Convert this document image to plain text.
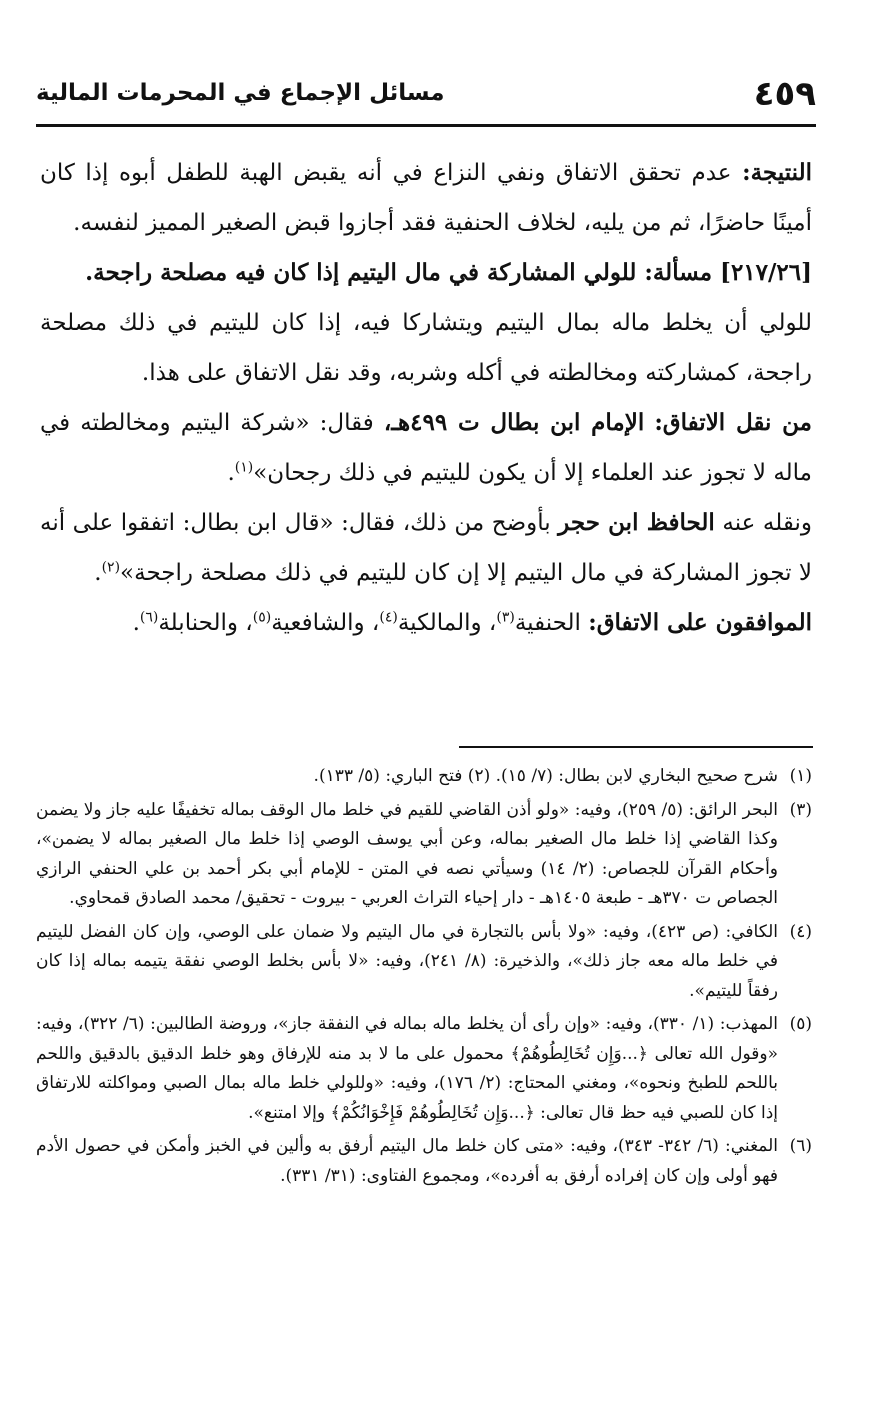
٤٥٩
مسائل الإجماع في المحرمات المالية

النتيجة: عدم تحقق الاتفاق ونفي النزاع في أنه يقبض الهبة للطفل أبوه إذا كان أمينًا حاضرًا، ثم من يليه، لخلاف الحنفية فقد أجازوا قبض الصغير المميز لنفسه.

[٢١٧/٢٦] مسألة: للولي المشاركة في مال اليتيم إذا كان فيه مصلحة راجحة.

للولي أن يخلط ماله بمال اليتيم ويتشاركا فيه، إذا كان لليتيم في ذلك مصلحة راجحة، كمشاركته ومخالطته في أكله وشربه، وقد نقل الاتفاق على هذا.

من نقل الاتفاق: الإمام ابن بطال ت ٤٩٩هـ، فقال: «شركة اليتيم ومخالطته في ماله لا تجوز عند العلماء إلا أن يكون لليتيم في ذلك رجحان»$^{(١)}$.

ونقله عنه الحافظ ابن حجر بأوضح من ذلك، فقال: «قال ابن بطال: اتفقوا على أنه لا تجوز المشاركة في مال اليتيم إلا إن كان لليتيم في ذلك مصلحة راجحة»$^{(٢)}$.

الموافقون على الاتفاق: الحنفية$^{(٣)}$، والمالكية$^{(٤)}$، والشافعية$^{(٥)}$، والحنابلة$^{(٦)}$.

(١)
شرح صحيح البخاري لابن بطال: (٧/ ١٥). (٢) فتح الباري: (٥/ ١٣٣).
(٣)
البحر الرائق: (٥/ ٢٥٩)، وفيه: «ولو أذن القاضي للقيم في خلط مال الوقف بماله تخفيفًا عليه جاز ولا يضمن وكذا القاضي إذا خلط مال الصغير بماله، وعن أبي يوسف الوصي إذا خلط مال الصغير بماله لا يضمن»، وأحكام القرآن للجصاص: (٢/ ١٤) وسيأتي نصه في المتن - للإمام أبي بكر أحمد بن علي الحنفي الرازي الجصاص ت ٣٧٠هـ - طبعة ١٤٠٥هـ - دار إحياء التراث العربي - بيروت - تحقيق/ محمد الصادق قمحاوي.
(٤)
الكافي: (ص ٤٢٣)، وفيه: «ولا بأس بالتجارة في مال اليتيم ولا ضمان على الوصي، وإن كان الفضل لليتيم في خلط ماله معه جاز ذلك»، والذخيرة: (٨/ ٢٤١)، وفيه: «لا بأس بخلط الوصي نفقة يتيمه بماله إذا كان رفقاً لليتيم».
(٥)
المهذب: (١/ ٣٣٠)، وفيه: «وإن رأى أن يخلط ماله بماله في النفقة جاز»، وروضة الطالبين: (٦/ ٣٢٢)، وفيه: «وقول الله تعالى ﴿...وَإِن تُخَالِطُوهُمْ﴾ محمول على ما لا بد منه للإرفاق وهو خلط الدقيق بالدقيق واللحم باللحم للطبخ ونحوه»، ومغني المحتاج: (٢/ ١٧٦)، وفيه: «وللولي خلط ماله بمال الصبي ومواكلته للارتفاق إذا كان للصبي فيه حظ قال تعالى: ﴿...وَإِن تُخَالِطُوهُمْ فَإِخْوَانُكُمْ﴾ وإلا امتنع».
(٦)
المغني: (٦/ ٣٤٢- ٣٤٣)، وفيه: «متى كان خلط مال اليتيم أرفق به وألين في الخبز وأمكن في حصول الأدم فهو أولى وإن كان إفراده أرفق به أفرده»، ومجموع الفتاوى: (٣١/ ٣٣١).
